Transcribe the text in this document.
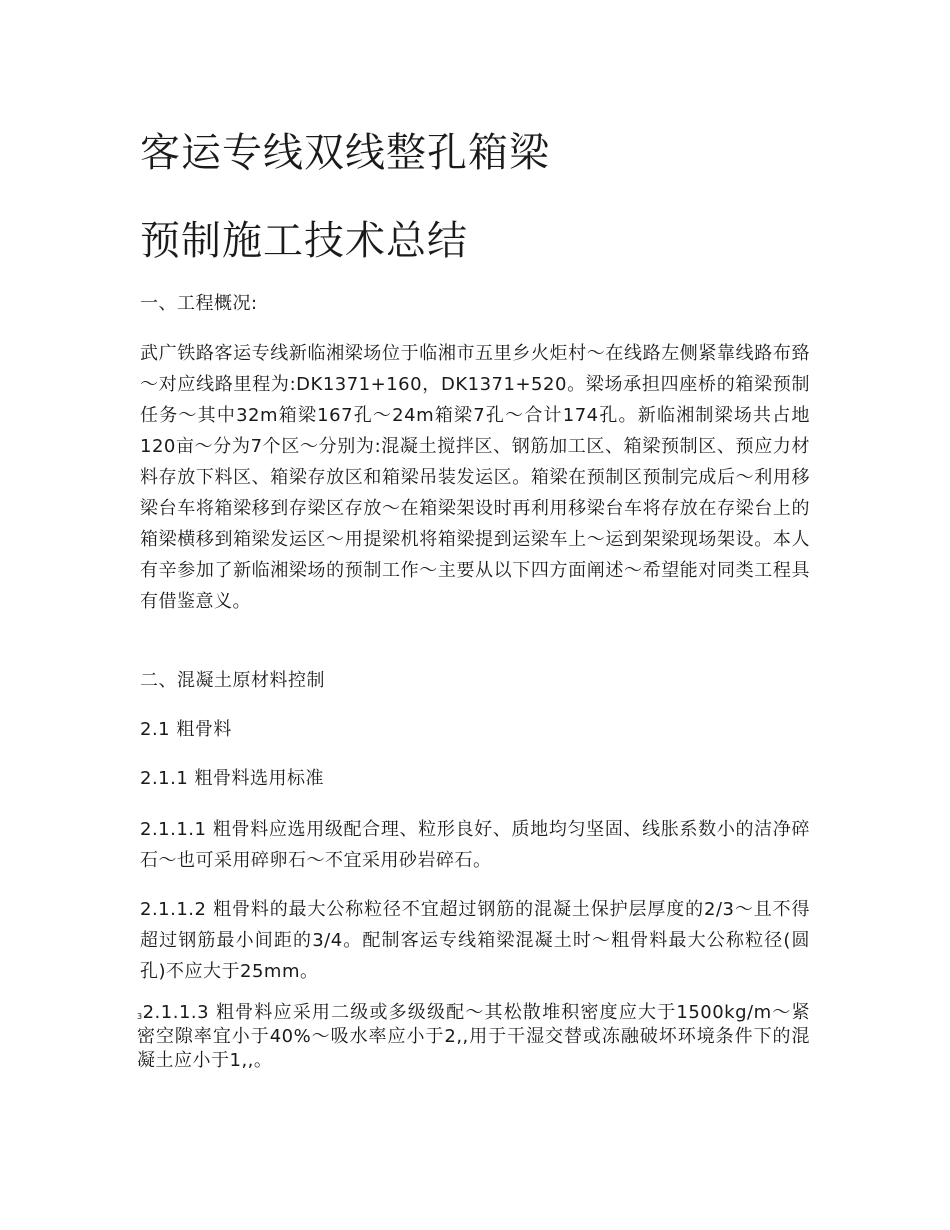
客运专线双线整孔箱梁
预制施工技术总结

一、工程概况:

武广铁路客运专线新临湘梁场位于临湘市五里乡火炬村～在线路左侧紧靠线路布臵～对应线路里程为:DK1371+160，DK1371+520。梁场承担四座桥的箱梁预制任务～其中32m箱梁167孔～24m箱梁7孔～合计174孔。新临湘制梁场共占地120亩～分为7个区～分别为:混凝土搅拌区、钢筋加工区、箱梁预制区、预应力材料存放下料区、箱梁存放区和箱梁吊装发运区。箱梁在预制区预制完成后～利用移梁台车将箱梁移到存梁区存放～在箱梁架设时再利用移梁台车将存放在存梁台上的箱梁横移到箱梁发运区～用提梁机将箱梁提到运梁车上～运到架梁现场架设。本人有辛参加了新临湘梁场的预制工作～主要从以下四方面阐述～希望能对同类工程具有借鉴意义。

二、混凝土原材料控制

2.1 粗骨料

2.1.1 粗骨料选用标准

2.1.1.1 粗骨料应选用级配合理、粒形良好、质地均匀坚固、线胀系数小的洁净碎石～也可采用碎卵石～不宜采用砂岩碎石。

2.1.1.2 粗骨料的最大公称粒径不宜超过钢筋的混凝土保护层厚度的2/3～且不得超过钢筋最小间距的3/4。配制客运专线箱梁混凝土时～粗骨料最大公称粒径(圆孔)不应大于25mm。

$^3$2.1.1.3 粗骨料应采用二级或多级级配～其松散堆积密度应大于1500kg/m～紧密空隙率宜小于40%～吸水率应小于2,,用于干湿交替或冻融破坏环境条件下的混凝土应小于1,,。
